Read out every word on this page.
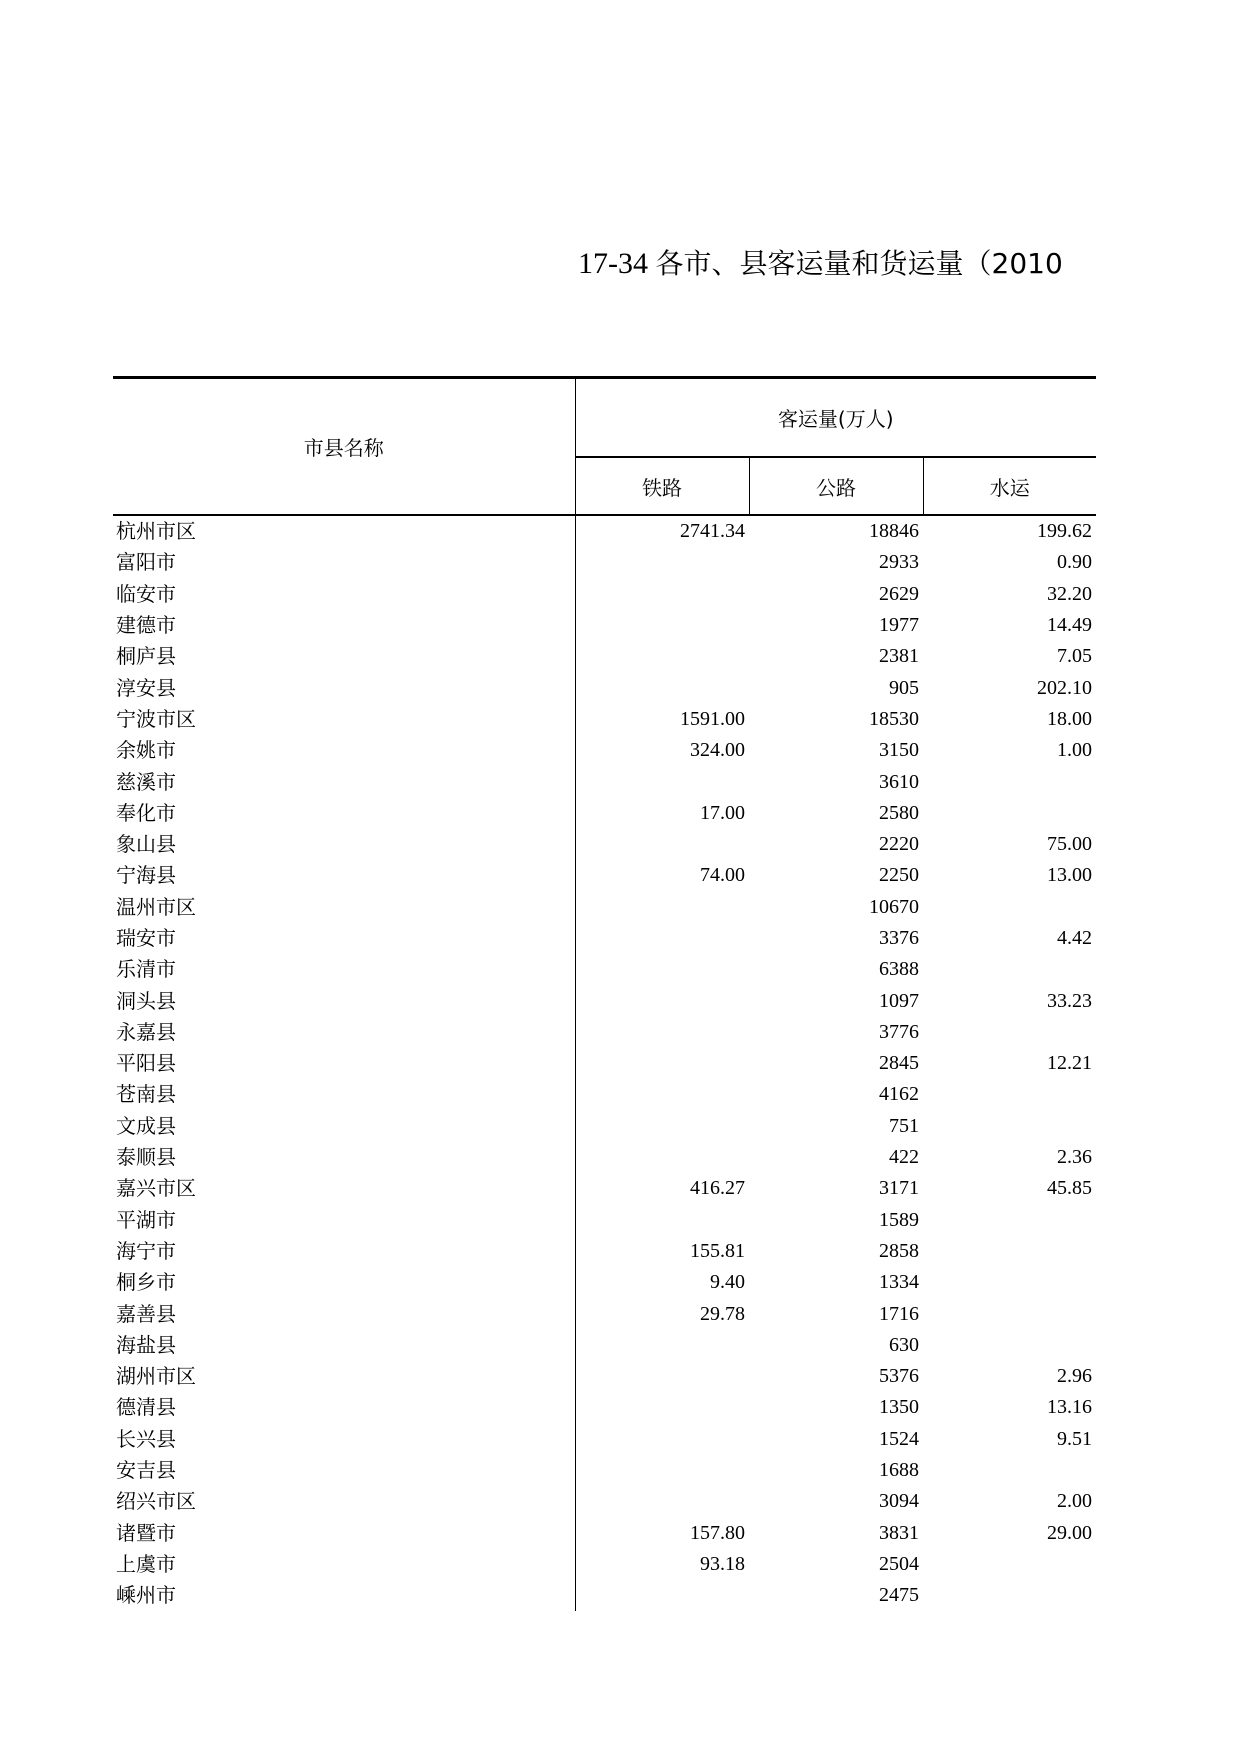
17-34 各市、县客运量和货运量（2010
市县名称	客运量(万人)		
	铁路	公路	水运
杭州市区	2741.34	18846	199.62
富阳市		2933	0.90
临安市		2629	32.20
建德市		1977	14.49
桐庐县		2381	7.05
淳安县		905	202.10
宁波市区	1591.00	18530	18.00
余姚市	324.00	3150	1.00
慈溪市		3610	
奉化市	17.00	2580	
象山县		2220	75.00
宁海县	74.00	2250	13.00
温州市区		10670	
瑞安市		3376	4.42
乐清市		6388	
洞头县		1097	33.23
永嘉县		3776	
平阳县		2845	12.21
苍南县		4162	
文成县		751	
泰顺县		422	2.36
嘉兴市区	416.27	3171	45.85
平湖市		1589	
海宁市	155.81	2858	
桐乡市	9.40	1334	
嘉善县	29.78	1716	
海盐县		630	
湖州市区		5376	2.96
德清县		1350	13.16
长兴县		1524	9.51
安吉县		1688	
绍兴市区		3094	2.00
诸暨市	157.80	3831	29.00
上虞市	93.18	2504	
嵊州市		2475	
